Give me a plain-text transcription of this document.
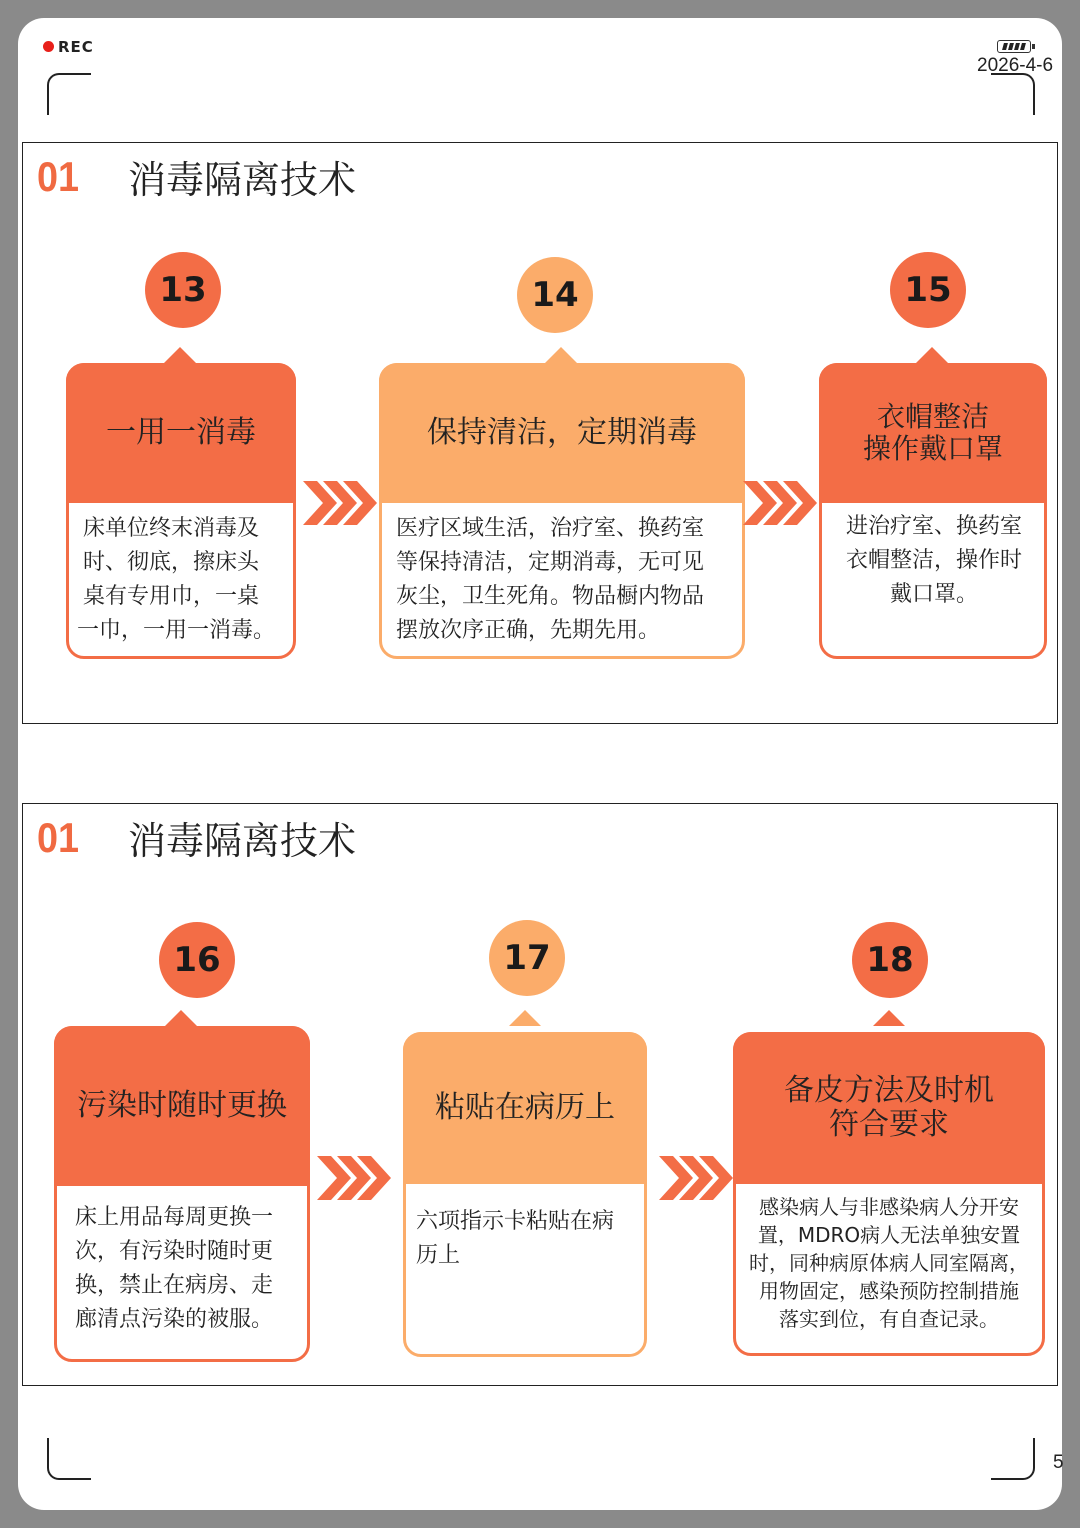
REC
2026-4-6
5
01 消毒隔离技术
13
一用一消毒
床单位终末消毒及
时、彻底，擦床头
桌有专用巾，一桌
一巾，一用一消毒。
14
保持清洁，定期消毒
医疗区域生活，治疗室、换药室
等保持清洁，定期消毒，无可见
灰尘，卫生死角。物品橱内物品
摆放次序正确，先期先用。
15
衣帽整洁
操作戴口罩
进治疗室、换药室
衣帽整洁，操作时
戴口罩。
01 消毒隔离技术
16
污染时随时更换
床上用品每周更换一
次，有污染时随时更
换，禁止在病房、走
廊清点污染的被服。
17
粘贴在病历上
六项指示卡粘贴在病
历上
18
备皮方法及时机
符合要求
感染病人与非感染病人分开安
置，MDRO病人无法单独安置
时，同种病原体病人同室隔离，
用物固定，感染预防控制措施
落实到位，有自查记录。
